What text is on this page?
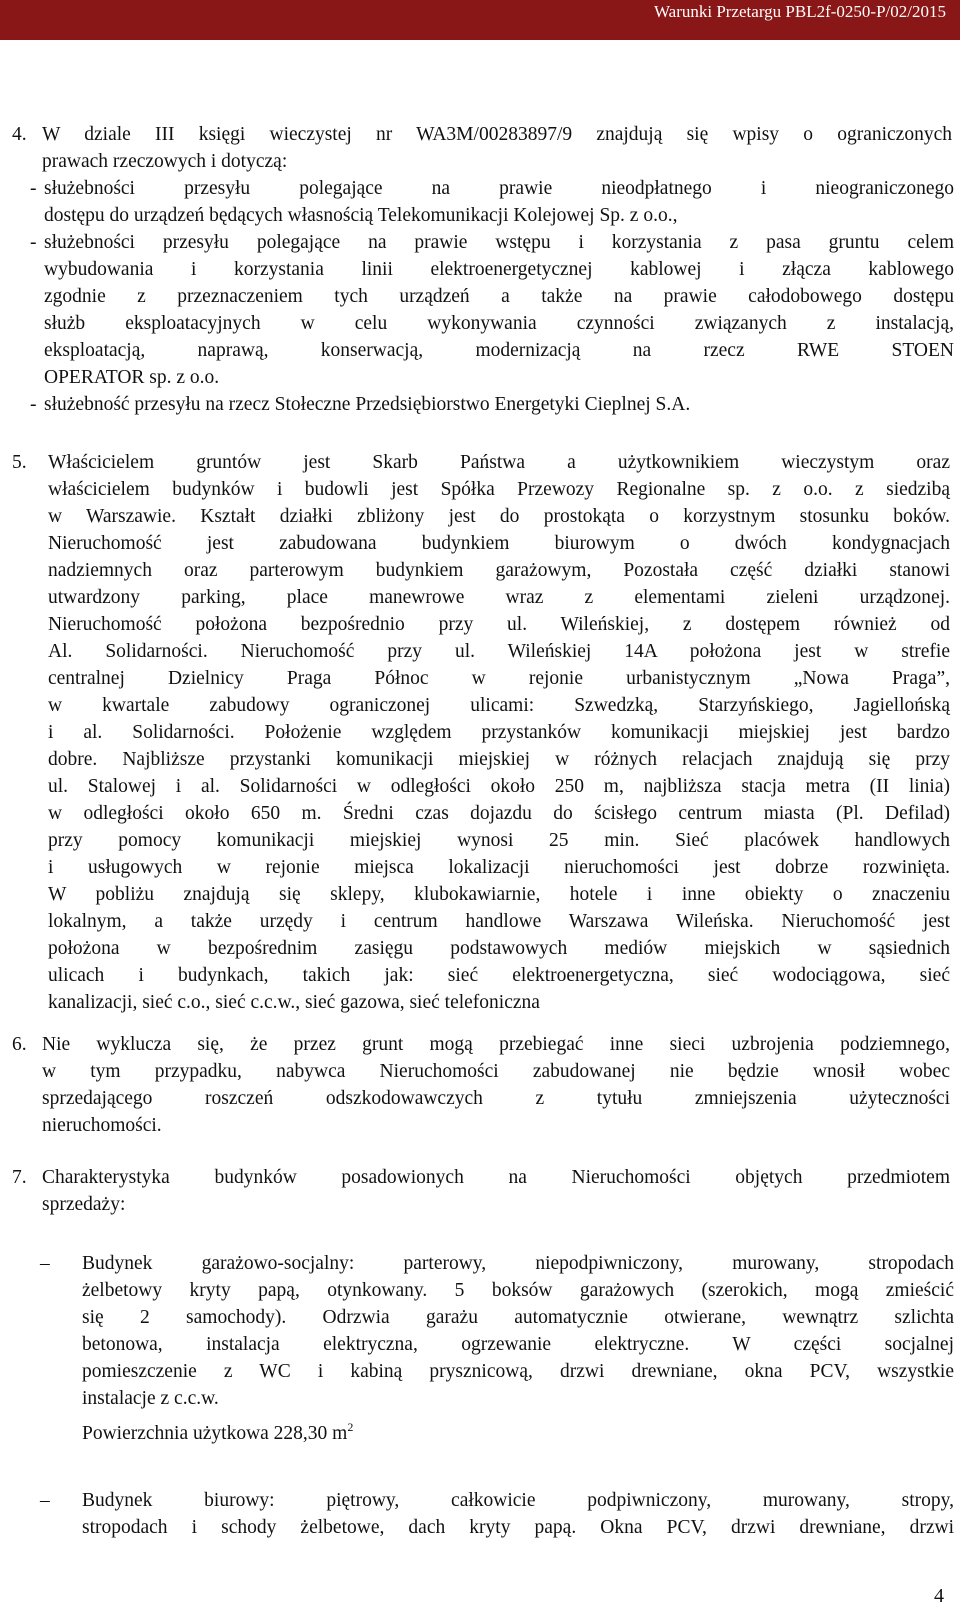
Warunki Przetargu PBL2f-0250-P/02/2015
4. W dziale III księgi wieczystej nr WA3M/00283897/9 znajdują się wpisy o ograniczonych
prawach rzeczowych i dotyczą:
- służebności przesyłu polegające na prawie nieodpłatnego i nieograniczonego
dostępu do urządzeń będących własnością Telekomunikacji Kolejowej Sp. z o.o.,
- służebności przesyłu polegające na prawie wstępu i korzystania z pasa gruntu celem
wybudowania i korzystania linii elektroenergetycznej kablowej i złącza kablowego
zgodnie z przeznaczeniem tych urządzeń a także na prawie całodobowego dostępu
służb eksploatacyjnych w celu wykonywania czynności związanych z instalacją,
eksploatacją, naprawą, konserwacją, modernizacją na rzecz RWE STOEN
OPERATOR sp. z o.o.
- służebność przesyłu na rzecz Stołeczne Przedsiębiorstwo Energetyki Cieplnej S.A.
5. Właścicielem gruntów jest Skarb Państwa a użytkownikiem wieczystym oraz
właścicielem budynków i budowli jest Spółka Przewozy Regionalne sp. z o.o. z siedzibą
w Warszawie. Kształt działki zbliżony jest do prostokąta o korzystnym stosunku boków.
Nieruchomość jest zabudowana budynkiem biurowym o dwóch kondygnacjach
nadziemnych oraz parterowym budynkiem garażowym, Pozostała część działki stanowi
utwardzony parking, place manewrowe wraz z elementami zieleni urządzonej.
Nieruchomość położona bezpośrednio przy ul. Wileńskiej, z dostępem również od
Al. Solidarności. Nieruchomość przy ul. Wileńskiej 14A położona jest w strefie
centralnej Dzielnicy Praga Północ w rejonie urbanistycznym „Nowa Praga”,
w kwartale zabudowy ograniczonej ulicami: Szwedzką, Starzyńskiego, Jagiellońską
i al. Solidarności. Położenie względem przystanków komunikacji miejskiej jest bardzo
dobre. Najbliższe przystanki komunikacji miejskiej w różnych relacjach znajdują się przy
ul. Stalowej i al. Solidarności w odległości około 250 m, najbliższa stacja metra (II linia)
w odległości około 650 m. Średni czas dojazdu do ścisłego centrum miasta (Pl. Defilad)
przy pomocy komunikacji miejskiej wynosi 25 min. Sieć placówek handlowych
i usługowych w rejonie miejsca lokalizacji nieruchomości jest dobrze rozwinięta.
W pobliżu znajdują się sklepy, klubokawiarnie, hotele i inne obiekty o znaczeniu
lokalnym, a także urzędy i centrum handlowe Warszawa Wileńska. Nieruchomość jest
położona w bezpośrednim zasięgu podstawowych mediów miejskich w sąsiednich
ulicach i budynkach, takich jak: sieć elektroenergetyczna, sieć wodociągowa, sieć
kanalizacji, sieć c.o., sieć c.c.w., sieć gazowa, sieć telefoniczna
6. Nie wyklucza się, że przez grunt mogą przebiegać inne sieci uzbrojenia podziemnego,
w tym przypadku, nabywca Nieruchomości zabudowanej nie będzie wnosił wobec
sprzedającego roszczeń odszkodowawczych z tytułu zmniejszenia użyteczności
nieruchomości.
7. Charakterystyka budynków posadowionych na Nieruchomości objętych przedmiotem
sprzedaży:
– Budynek garażowo-socjalny: parterowy, niepodpiwniczony, murowany, stropodach
żelbetowy kryty papą, otynkowany. 5 boksów garażowych (szerokich, mogą zmieścić
się 2 samochody). Odrzwia garażu automatycznie otwierane, wewnątrz szlichta
betonowa, instalacja elektryczna, ogrzewanie elektryczne. W części socjalnej
pomieszczenie z WC i kabiną prysznicową, drzwi drewniane, okna PCV, wszystkie
instalacje z c.c.w.
Powierzchnia użytkowa 228,30 $m^2$
– Budynek biurowy: piętrowy, całkowicie podpiwniczony, murowany, stropy,
stropodach i schody żelbetowe, dach kryty papą. Okna PCV, drzwi drewniane, drzwi
4
